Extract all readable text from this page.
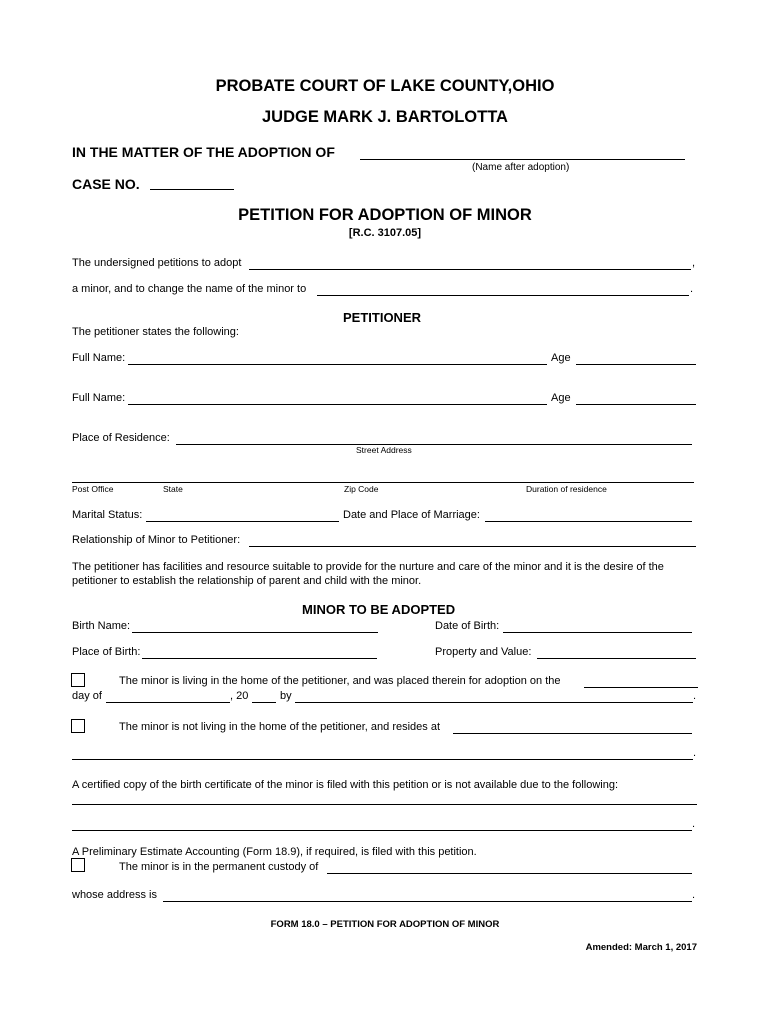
PROBATE COURT OF LAKE COUNTY,OHIO
JUDGE MARK J. BARTOLOTTA
IN THE MATTER OF THE ADOPTION OF
(Name after adoption)
CASE NO.
PETITION FOR ADOPTION OF MINOR
[R.C. 3107.05]
The undersigned petitions to adopt	,
a minor, and to change the name of the minor to	.
PETITIONER
The petitioner states the following:
Full Name:	Age
Full Name:	Age
Place of Residence:
Street Address
Post Office	State	Zip Code	Duration of residence
Marital Status:	Date and Place of Marriage:
Relationship of Minor to Petitioner:
The petitioner has facilities and resource suitable to provide for the nurture and care of the minor and it is the desire of the
petitioner to establish the relationship of parent and child with the minor.
MINOR TO BE ADOPTED
Birth Name:	Date of Birth:
Place of Birth:	Property and Value:
The minor is living in the home of the petitioner, and was placed therein for adoption on the
day of	, 20	by
The minor is not living in the home of the petitioner, and resides at
A certified copy of the birth certificate of the minor is filed with this petition or is not available due to the following:
A Preliminary Estimate Accounting (Form 18.9), if required, is filed with this petition.
The minor is in the permanent custody of
whose address is
FORM 18.0 – PETITION FOR ADOPTION OF MINOR
Amended: March 1, 2017
.
.
.
.
